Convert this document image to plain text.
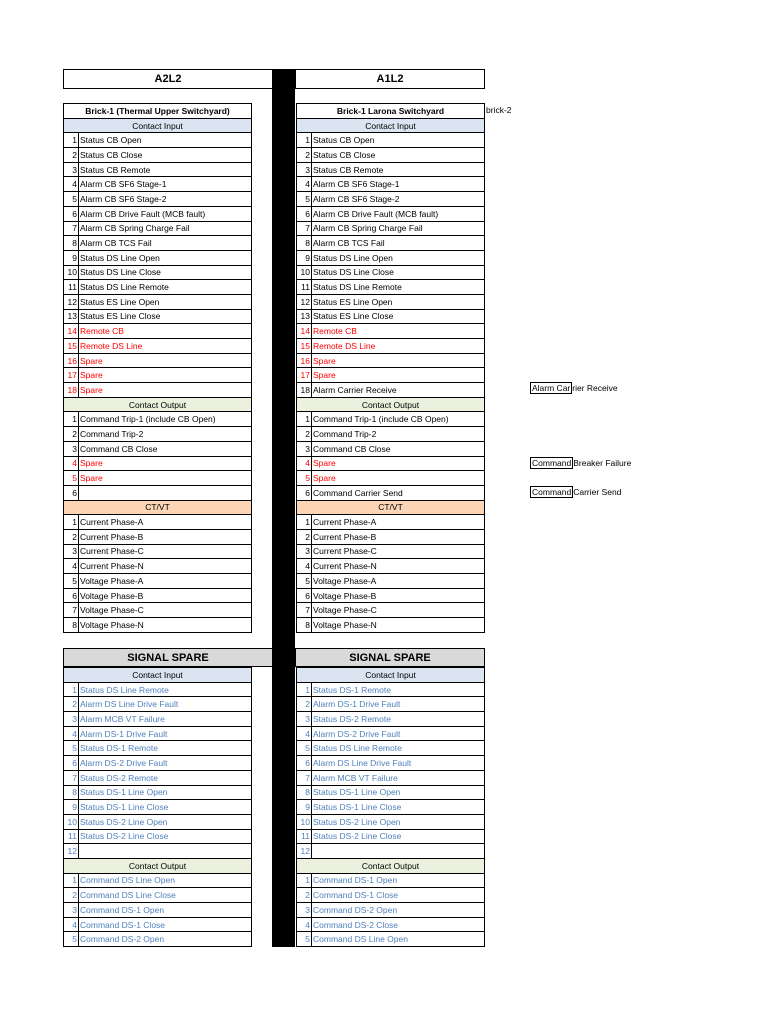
A2L2	A1L2
Brick-1 (Thermal Upper Switchyard)	
Contact Input	
1	Status CB Open
2	Status CB Close
3	Status CB Remote
4	Alarm CB SF6 Stage-1
5	Alarm CB SF6 Stage-2
6	Alarm CB Drive Fault (MCB fault)
7	Alarm CB Spring Charge Fail
8	Alarm CB TCS Fail
9	Status DS Line Open
10	Status DS Line Close
11	Status DS Line Remote
12	Status ES Line Open
13	Status ES Line Close
14	Remote CB
15	Remote DS Line
16	Spare
17	Spare
18	Spare
Contact Output	
1	Command Trip-1 (include CB Open)
2	Command Trip-2
3	Command CB Close
4	Spare
5	Spare
6	
CT/VT	
1	Current Phase-A
2	Current Phase-B
3	Current Phase-C
4	Current Phase-N
5	Voltage Phase-A
6	Voltage Phase-B
7	Voltage Phase-C
8	Voltage Phase-N
Brick-1 Larona Switchyard	
Contact Input	
1	Status CB Open
2	Status CB Close
3	Status CB Remote
4	Alarm CB SF6 Stage-1
5	Alarm CB SF6 Stage-2
6	Alarm CB Drive Fault (MCB fault)
7	Alarm CB Spring Charge Fail
8	Alarm CB TCS Fail
9	Status DS Line Open
10	Status DS Line Close
11	Status DS Line Remote
12	Status ES Line Open
13	Status ES Line Close
14	Remote CB
15	Remote DS Line
16	Spare
17	Spare
18	Alarm Carrier Receive
Contact Output	
1	Command Trip-1 (include CB Open)
2	Command Trip-2
3	Command CB Close
4	Spare
5	Spare
6	Command Carrier Send
CT/VT	
1	Current Phase-A
2	Current Phase-B
3	Current Phase-C
4	Current Phase-N
5	Voltage Phase-A
6	Voltage Phase-B
7	Voltage Phase-C
8	Voltage Phase-N
brick-2
Alarm Car rier Receive
Command Breaker Failure
Command Carrier Send
SIGNAL SPARE	SIGNAL SPARE
Contact Input	
1	Status DS Line Remote
2	Alarm DS Line Drive Fault
3	Alarm MCB VT Failure
4	Alarm DS-1 Drive Fault
5	Status DS-1 Remote
6	Alarm DS-2 Drive Fault
7	Status DS-2 Remote
8	Status DS-1 Line Open
9	Status DS-1 Line Close
10	Status DS-2 Line Open
11	Status DS-2 Line Close
12	
Contact Output	
1	Command DS Line Open
2	Command DS Line Close
3	Command DS-1 Open
4	Command DS-1 Close
5	Command DS-2 Open
Contact Input	
1	Status DS-1 Remote
2	Alarm DS-1 Drive Fault
3	Status DS-2 Remote
4	Alarm DS-2 Drive Fault
5	Status DS Line Remote
6	Alarm DS Line Drive Fault
7	Alarm MCB VT Failure
8	Status DS-1 Line Open
9	Status DS-1 Line Close
10	Status DS-2 Line Open
11	Status DS-2 Line Close
12	
Contact Output	
1	Command DS-1 Open
2	Command DS-1 Close
3	Command DS-2 Open
4	Command DS-2 Close
5	Command DS Line Open
